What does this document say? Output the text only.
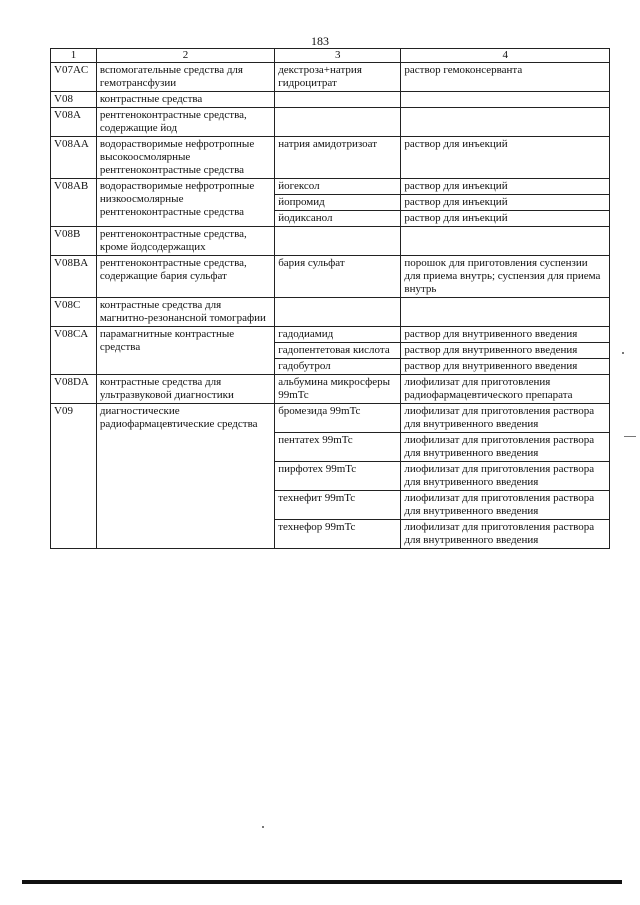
183
1	2	3	4
V07AC	вспомогательные средства для гемотрансфузии	декстроза+натрия гидроцитрат	раствор гемоконсерванта
V08	контрастные средства		
V08A	рентгеноконтрастные средства, содержащие йод		
V08AA	водорастворимые нефротропные высокоосмолярные рентгеноконтрастные средства	натрия амидотризоат	раствор для инъекций
V08AB	водорастворимые нефротропные низкоосмолярные рентгеноконтрастные средства	йогексол	раствор для инъекций
		йопромид	раствор для инъекций
		йодиксанол	раствор для инъекций
V08B	рентгеноконтрастные средства, кроме йодсодержащих		
V08BA	рентгеноконтрастные средства, содержащие бария сульфат	бария сульфат	порошок для приготовления суспензии для приема внутрь; суспензия для приема внутрь
V08C	контрастные средства для магнитно-резонансной томографии		
V08CA	парамагнитные контрастные средства	гадодиамид	раствор для внутривенного введения
		гадопентетовая кислота	раствор для внутривенного введения
		гадобутрол	раствор для внутривенного введения
V08DA	контрастные средства для ультразвуковой диагностики	альбумина микросферы 99mTc	лиофилизат для приготовления радиофармацевтического препарата
V09	диагностические радиофармацевтические средства	бромезида 99mTc	лиофилизат для приготовления раствора для внутривенного введения
		пентатех 99mTc	лиофилизат для приготовления раствора для внутривенного введения
		пирфотех 99mTc	лиофилизат для приготовления раствора для внутривенного введения
		технефит 99mTc	лиофилизат для приготовления раствора для внутривенного введения
		технефор 99mTc	лиофилизат для приготовления раствора для внутривенного введения
